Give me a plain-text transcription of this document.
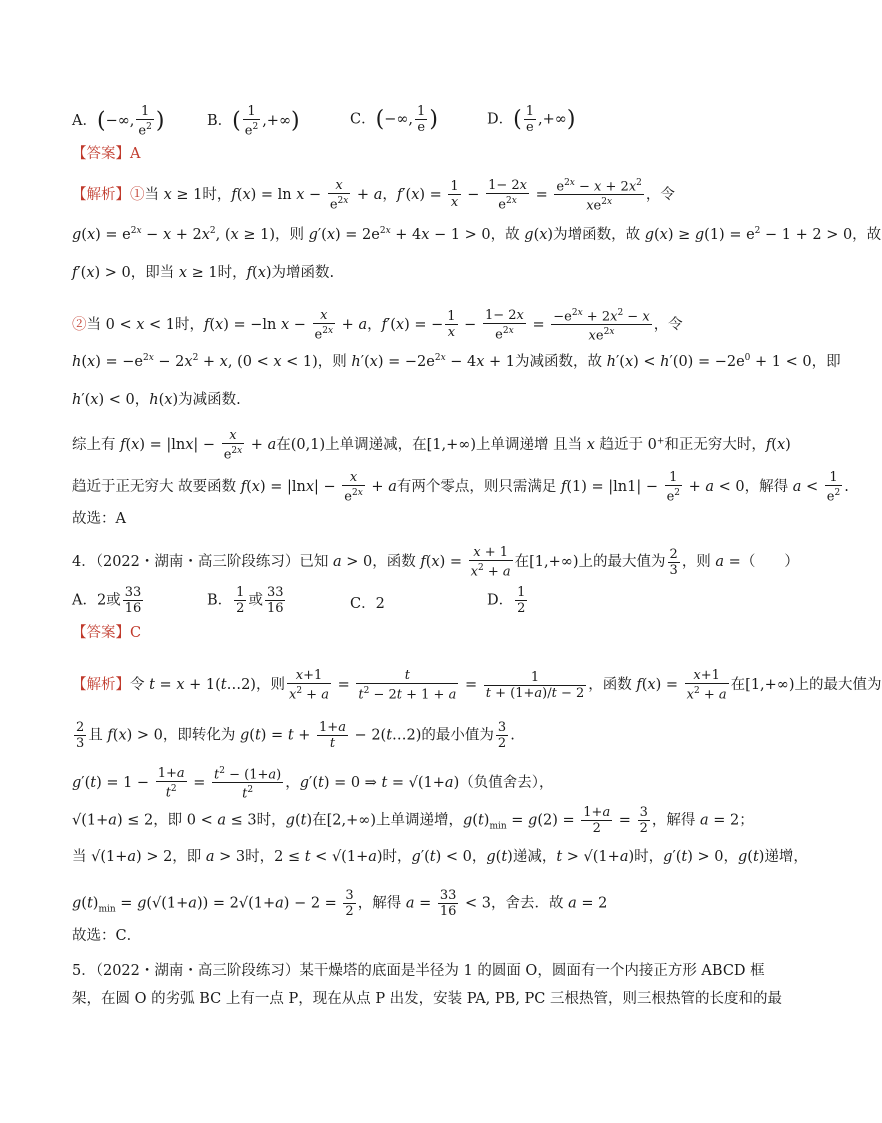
A．(−∞, $\frac{1}{e^2}$ )	B．( $\frac{1}{e^2}$ ,+∞)	C．(−∞, $\frac{1}{e}$ )	D．( $\frac{1}{e}$ ,+∞)
【答案】A
【解析】①当 x ≥ 1时，$f(x) = \ln x - \frac{x}{e^{2x}} + a$，$f'(x) = \frac{1}{x} - \frac{1- 2x}{e^{2x}} = \frac{e^{2x} - x + 2x^2}{xe^{2x}}$ ，令
$g(x) = e^{2x} - x + 2x^2$, (x ≥ 1)，则 $g'(x) = 2e^{2x} + 4x - 1 > 0$，故 g(x)为增函数，故 $g(x) \ge g(1) = e^2 - 1 + 2 > 0$，故
f′(x) > 0，即当 x ≥ 1时，f(x)为增函数.
②当 0 < x < 1时，f(x) = −ln $x - \frac{x}{e^{2x}} + a$，f′(x) = − $\frac{1}{x} - \frac{1- 2x}{e^{2x}} = \frac{-e^{2x} + 2x^2 - x}{xe^{2x}}$ ，令
$h(x) = -e^{2x} - 2x^2 + x$, (0 < x < 1)，则 $h'(x) = -2e^{2x} - 4x + 1$为减函数，故 $h'(x) < h'(0) = -2e^0 + 1 < 0$，即
h′(x) < 0，h(x)为减函数.
综上有 $f(x) = |\ln x| - \frac{x}{e^{2x}} + a$在(0,1)上单调递减，在[1,+∞)上单调递增 且当 x 趋近于 0+和正无穷大时，f(x)
趋近于正无穷大 故要函数 $f(x) = |\ln x| - \frac{x}{e^{2x}} + a$有两个零点，则只需满足 $f(1) = |\ln 1| - \frac{1}{e^2} + a < 0$，解得 $a < \frac{1}{e^2}$ .
故选：A
4．（2022・湖南・高三阶段练习）已知 a > 0，函数 $f(x) = \frac{x + 1}{x^2 + a}$ 在[1,+∞)上的最大值为 $\frac{2}{3}$ ，则 a =（　　）
A．2或 $\frac{33}{16}$	B． $\frac{1}{2}$ 或 $\frac{33}{16}$	C．2	D． $\frac{1}{2}$
【答案】C
【解析】令 t = x + 1(t…2)，则 $\frac{x+1}{x^2 + a} = \frac{t}{t^2 - 2t + 1 + a} = \frac{1}{t + (1+a)/t - 2}$ ，函数 $f(x) = \frac{x+1}{x^2 + a}$ 在[1,+∞)上的最大值为
$\frac{2}{3}$ 且 f(x) > 0，即转化为 $g(t) = t + \frac{1+a}{t}$ − 2(t…2)的最小值为 $\frac{3}{2}$ .
$g'(t) = 1 - \frac{1+a}{t^2} = \frac{t^2 - (1+a)}{t^2}$ ，g′(t) = 0 ⇒ t = √(1+a)（负值舍去），
√(1+a) ≤ 2，即 0 < a ≤ 3时，g(t)在[2,+∞)上单调递增，$g(t)_{min} = g(2) = \frac{1+a}{2} = \frac{3}{2}$ ，解得 a = 2；
当 √(1+a) > 2，即 a > 3时，2 ≤ t < √(1+a)时，g′(t) < 0，g(t)递减，t > √(1+a)时，g′(t) > 0，g(t)递增，
$g(t)_{min} = g(√(1+a)) = 2√(1+a) - 2 = \frac{3}{2}$ ，解得 $a = \frac{33}{16} < 3$，舍去．故 a = 2
故选：C．
5．（2022・湖南・高三阶段练习）某干燥塔的底面是半径为 1 的圆面 O，圆面有一个内接正方形 ABCD 框
架，在圆 O 的劣弧 BC 上有一点 P，现在从点 P 出发，安装 PA, PB, PC 三根热管，则三根热管的长度和的最
